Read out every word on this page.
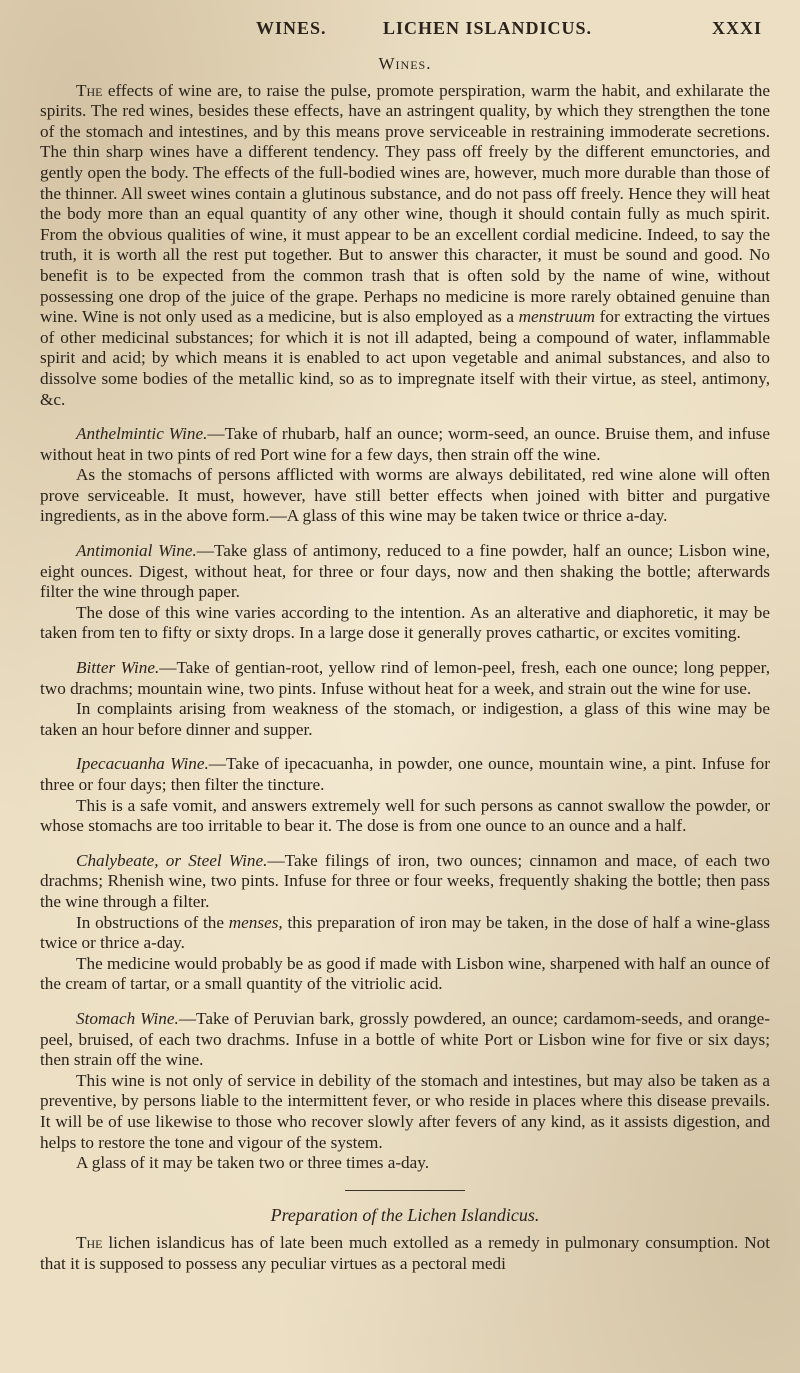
WINES.	LICHEN ISLANDICUS.	XXXI
Wines.

The effects of wine are, to raise the pulse, promote perspiration, warm the habit, and exhilarate the spirits. The red wines, besides these effects, have an astringent quality, by which they strengthen the tone of the stomach and intestines, and by this means prove serviceable in restraining immoderate secretions. The thin sharp wines have a different tendency. They pass off freely by the different emunctories, and gently open the body. The effects of the full-bodied wines are, however, much more durable than those of the thinner. All sweet wines contain a glutinous substance, and do not pass off freely. Hence they will heat the body more than an equal quantity of any other wine, though it should contain fully as much spirit. From the obvious qualities of wine, it must appear to be an excellent cordial medicine. Indeed, to say the truth, it is worth all the rest put together. But to answer this character, it must be sound and good. No benefit is to be expected from the common trash that is often sold by the name of wine, without possessing one drop of the juice of the grape. Perhaps no medicine is more rarely obtained genuine than wine. Wine is not only used as a medicine, but is also employed as a menstruum for extracting the virtues of other medicinal substances; for which it is not ill adapted, being a compound of water, inflammable spirit and acid; by which means it is enabled to act upon vegetable and animal substances, and also to dissolve some bodies of the metallic kind, so as to impregnate itself with their virtue, as steel, antimony, &c.

Anthelmintic Wine.—Take of rhubarb, half an ounce; worm-seed, an ounce. Bruise them, and infuse without heat in two pints of red Port wine for a few days, then strain off the wine.

As the stomachs of persons afflicted with worms are always debilitated, red wine alone will often prove serviceable. It must, however, have still better effects when joined with bitter and purgative ingredients, as in the above form.—A glass of this wine may be taken twice or thrice a-day.

Antimonial Wine.—Take glass of antimony, reduced to a fine powder, half an ounce; Lisbon wine, eight ounces. Digest, without heat, for three or four days, now and then shaking the bottle; afterwards filter the wine through paper.

The dose of this wine varies according to the intention. As an alterative and diaphoretic, it may be taken from ten to fifty or sixty drops. In a large dose it generally proves cathartic, or excites vomiting.

Bitter Wine.—Take of gentian-root, yellow rind of lemon-peel, fresh, each one ounce; long pepper, two drachms; mountain wine, two pints. Infuse without heat for a week, and strain out the wine for use.

In complaints arising from weakness of the stomach, or indigestion, a glass of this wine may be taken an hour before dinner and supper.

Ipecacuanha Wine.—Take of ipecacuanha, in powder, one ounce, mountain wine, a pint. Infuse for three or four days; then filter the tincture.

This is a safe vomit, and answers extremely well for such persons as cannot swallow the powder, or whose stomachs are too irritable to bear it. The dose is from one ounce to an ounce and a half.

Chalybeate, or Steel Wine.—Take filings of iron, two ounces; cinnamon and mace, of each two drachms; Rhenish wine, two pints. Infuse for three or four weeks, frequently shaking the bottle; then pass the wine through a filter.

In obstructions of the menses, this preparation of iron may be taken, in the dose of half a wine-glass twice or thrice a-day.

The medicine would probably be as good if made with Lisbon wine, sharpened with half an ounce of the cream of tartar, or a small quantity of the vitriolic acid.

Stomach Wine.—Take of Peruvian bark, grossly powdered, an ounce; cardamom-seeds, and orange-peel, bruised, of each two drachms. Infuse in a bottle of white Port or Lisbon wine for five or six days; then strain off the wine.

This wine is not only of service in debility of the stomach and intestines, but may also be taken as a preventive, by persons liable to the intermittent fever, or who reside in places where this disease prevails. It will be of use likewise to those who recover slowly after fevers of any kind, as it assists digestion, and helps to restore the tone and vigour of the system.

A glass of it may be taken two or three times a-day.

Preparation of the Lichen Islandicus.

The lichen islandicus has of late been much extolled as a remedy in pulmonary consumption. Not that it is supposed to possess any peculiar virtues as a pectoral medi
